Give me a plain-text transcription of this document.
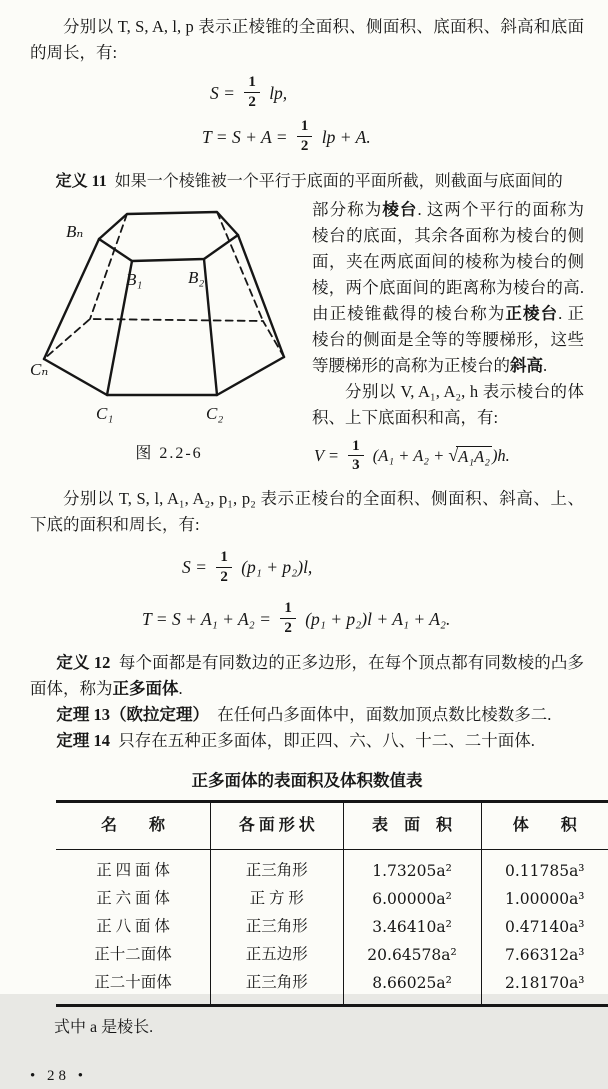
分别以 T, S, A, l, p 表示正棱锥的全面积、侧面积、底面积、斜高和底面的周长，有:

$S = \frac{1}{2}$ lp,
$T = S + A = \frac{1}{2}$ lp + A.

定义 11 如果一个棱锥被一个平行于底面的平面所截，则截面与底面间的

Bₙ
B₁	B₂
Cₙ
C₁	C₂
图 2.2-6

部分称为棱台. 这两个平行的面称为棱台的底面，其余各面称为棱台的侧面，夹在两底面间的棱称为棱台的侧棱，两个底面间的距离称为棱台的高. 由正棱锥截得的棱台称为正棱台. 正棱台的侧面是全等的等腰梯形，这些等腰梯形的高称为正棱台的斜高.

分别以 V, A₁, A₂, h 表示棱台的体积、上下底面积和高，有:

$V = \frac{1}{3} (A_1 + A_2$ + √ A₁A₂ )h.

分别以 T, S, l, A₁, A₂, p₁, p₂ 表示正棱台的全面积、侧面积、斜高、上、下底的面积和周长，有:

$S = \frac{1}{2} (p_1 + p_2)l$,
$T = S + A_1 + A_2 = \frac{1}{2} (p_1 + p_2)l + A_1 + A_2$.

定义 12  每个面都是有同数边的正多边形，在每个顶点都有同数棱的凸多面体，称为正多面体.

定理 13（欧拉定理）  在任何凸多面体中，面数加顶点数比棱数多二.

定理 14  只存在五种正多面体，即正四、六、八、十二、二十面体.

正多面体的表面积及体积数值表
名　　称	各 面 形 状	表　面　积	体　　积
正 四 面 体	正三角形	1.73205a²	0.11785a³
正 六 面 体	正 方 形	6.00000a²	1.00000a³
正 八 面 体	正三角形	3.46410a²	0.47140a³
正十二面体	正五边形	20.64578a²	7.66312a³
正二十面体	正三角形	8.66025a²	2.18170a³

式中 a 是棱长.

• 28 •
